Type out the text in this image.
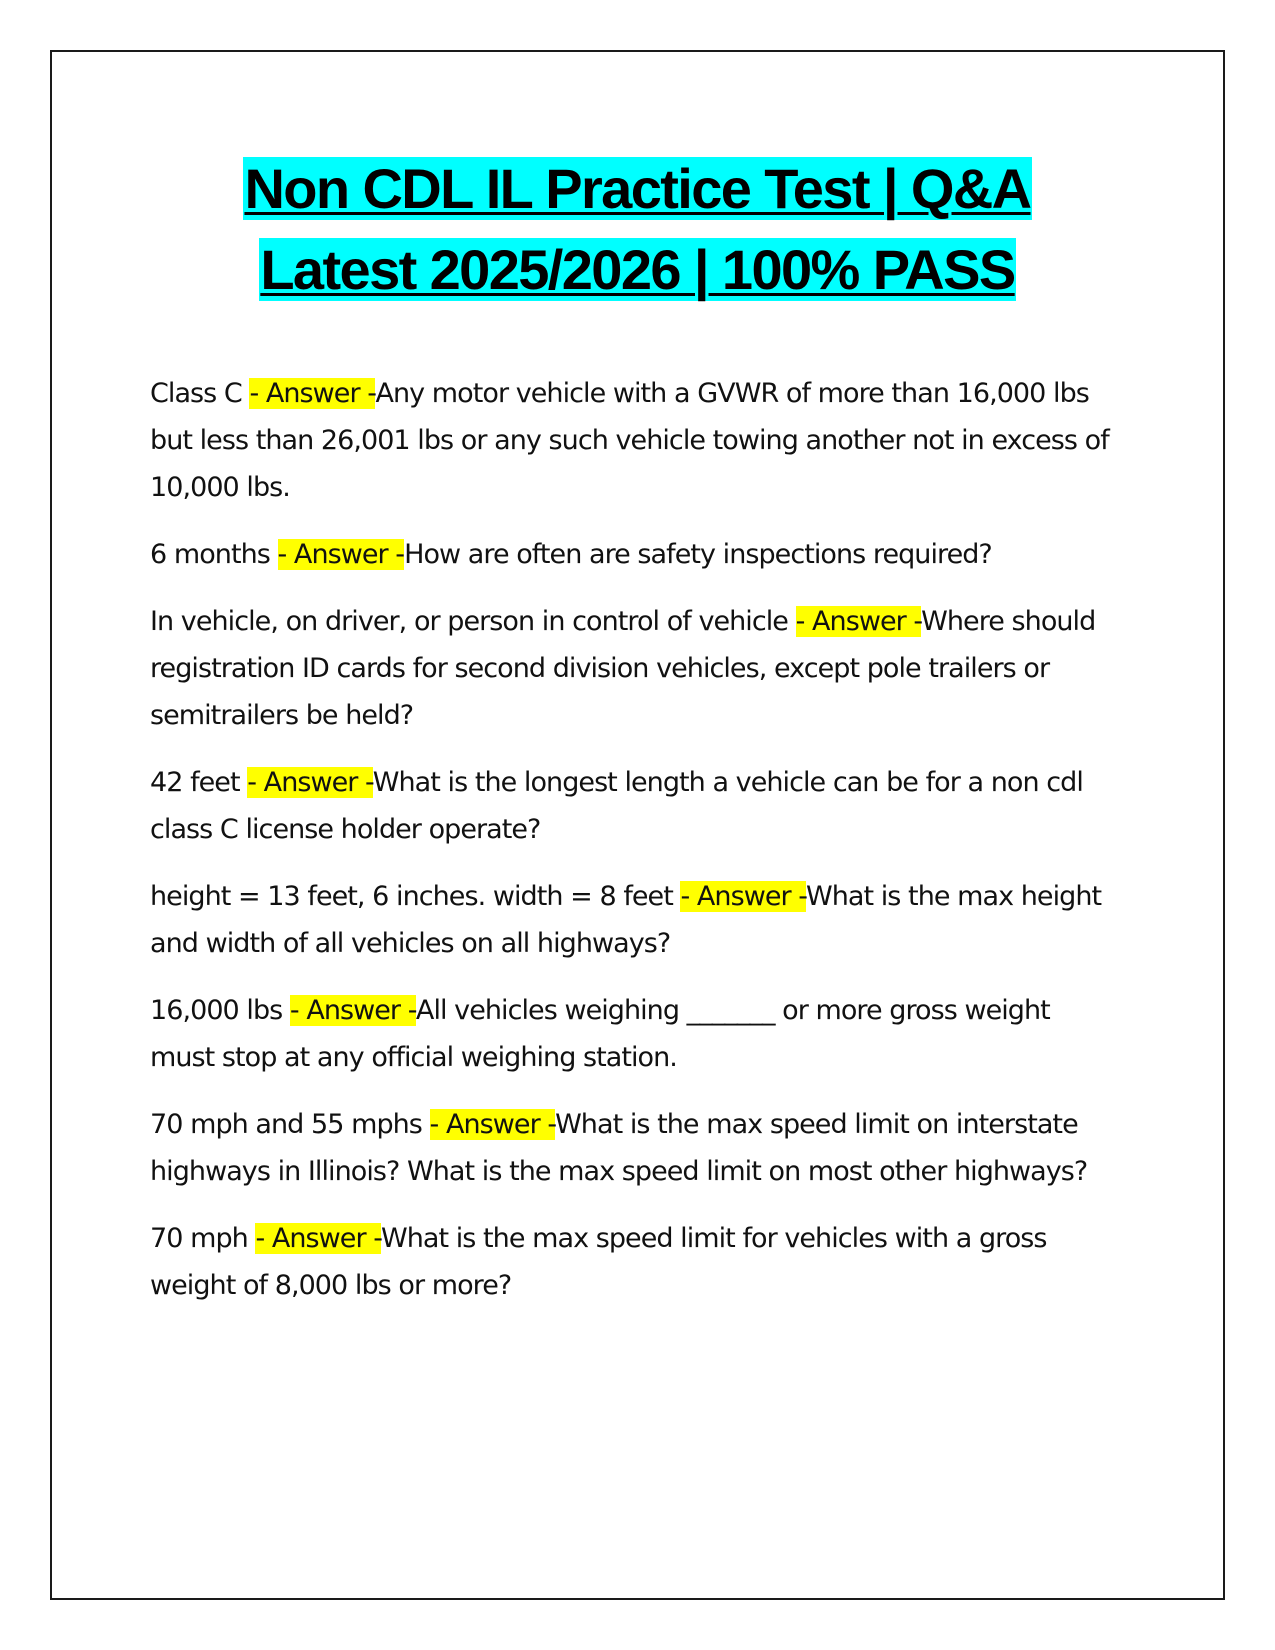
Non CDL IL Practice Test | Q&A
Latest 2025/2026 | 100% PASS

Class C - Answer -Any motor vehicle with a GVWR of more than 16,000 lbs but less than 26,001 lbs or any such vehicle towing another not in excess of 10,000 lbs.

6 months - Answer -How are often are safety inspections required?

In vehicle, on driver, or person in control of vehicle - Answer -Where should registration ID cards for second division vehicles, except pole trailers or semitrailers be held?

42 feet - Answer -What is the longest length a vehicle can be for a non cdl class C license holder operate?

height = 13 feet, 6 inches. width = 8 feet - Answer -What is the max height and width of all vehicles on all highways?

16,000 lbs - Answer -All vehicles weighing _______ or more gross weight must stop at any official weighing station.

70 mph and 55 mphs - Answer -What is the max speed limit on interstate highways in Illinois? What is the max speed limit on most other highways?

70 mph - Answer -What is the max speed limit for vehicles with a gross weight of 8,000 lbs or more?
